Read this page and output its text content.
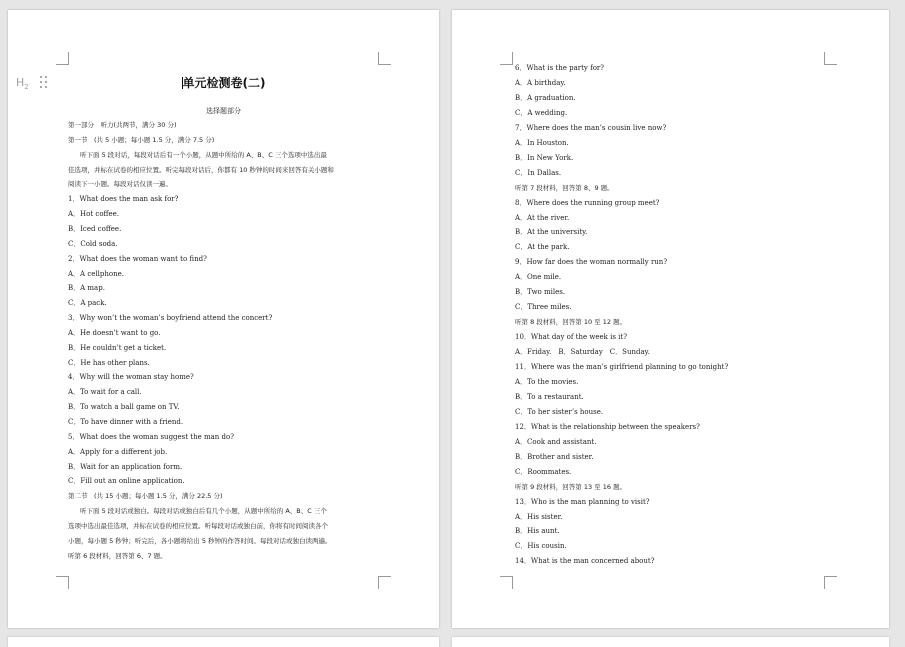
单元检测卷(二)
选择题部分
第一部分　听力(共两节，满分 30 分)
第一节　(共 5 小题；每小题 1.5 分，满分 7.5 分)
听下面 5 段对话，每段对话后有一个小题，从题中所给的 A、B、C 三个选项中选出最
佳选项，并标在试卷的相应位置。听完每段对话后，你都有 10 秒钟的时间来回答有关小题和
阅读下一小题。每段对话仅读一遍。
1．What does the man ask for?
A．Hot coffee.
B．Iced coffee.
C．Cold soda.
2．What does the woman want to find?
A．A cellphone.
B．A map.
C．A pack.
3．Why won’t the woman’s boyfriend attend the concert?
A．He doesn’t want to go.
B．He couldn’t get a ticket.
C．He has other plans.
4．Why will the woman stay home?
A．To wait for a call.
B．To watch a ball game on TV.
C．To have dinner with a friend.
5．What does the woman suggest the man do?
A．Apply for a different job.
B．Wait for an application form.
C．Fill out an online application.
第二节　(共 15 小题；每小题 1.5 分，满分 22.5 分)
听下面 5 段对话或独白。每段对话或独白后有几个小题，从题中所给的 A、B、C 三个
选项中选出最佳选项，并标在试卷的相应位置。听每段对话或独白前，你将有时间阅读各个
小题，每小题 5 秒钟；听完后，各小题将给出 5 秒钟的作答时间。每段对话或独白读两遍。
听第 6 段材料，回答第 6、7 题。
$H_2$
6．What is the party for?
A．A birthday.
B．A graduation.
C．A wedding.
7．Where does the man’s cousin live now?
A．In Houston.
B．In New York.
C．In Dallas.
听第 7 段材料，回答第 8、9 题。
8．Where does the running group meet?
A．At the river.
B．At the university.
C．At the park.
9．How far does the woman normally run?
A．One mile.
B．Two miles.
C．Three miles.
听第 8 段材料，回答第 10 至 12 题。
10．What day of the week is it?
A．Friday.　B．Saturday　C．Sunday.
11．Where was the man’s girlfriend planning to go tonight?
A．To the movies.
B．To a restaurant.
C．To her sister’s house.
12．What is the relationship between the speakers?
A．Cook and assistant.
B．Brother and sister.
C．Roommates.
听第 9 段材料，回答第 13 至 16 题。
13．Who is the man planning to visit?
A．His sister.
B．His aunt.
C．His cousin.
14．What is the man concerned about?
